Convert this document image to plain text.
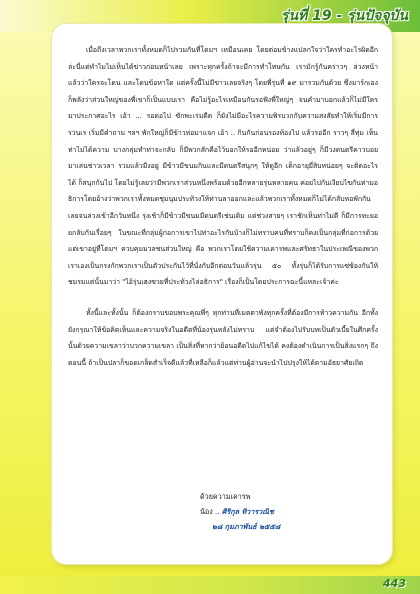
รุ่นที่ 19 - รุ่นปัจจุบัน

เมื่อถึงเวลาพวกเราทั้งหมดก็ไปรวมกันที่โดมฯ เหมือนเคย โดยต่อมข้างแปลกใจว่าใครทำอะไรผิดอีกล่ะนี่แต่ทำไมไม่เห็นได้ข่าวก่อนหน้าเลย เพราะทุกครั้งถ้าจะมีการทำโทษกัน เรามักรู้กันคร่าวๆ ล่วงหน้าแล้วว่าใครจะโดน และโดนข้อหาใด แต่ครั้งนี้ไม่มีข่าวเลยจริงๆ โดยพี่รุ่นที่ ๑๙ มารวมกันด้วย ซึ่งมาร์กเองก็พลังว่าส่วนใหญ่ของพี่เขาก็เป็นแบบเรา คือไม่รู้อะไรเหมือนกันรอฟังพี่ใหญ่ๆ จนคำมาบอกแล้วก็ไม่มีใครมาประกาศอะไร เอ้า ... รอต่อไป ซักพะเร่มดีด ก็ยังไม่มีอะไรความพิรบวกกับความสงสัยทำให้เริ่มมีการรวนเร เริ่มมีคำถาม ฯลฯ พักใหญ่ก็มีข้าวห่อมาแจก เอ้า .. กินกันก่อนรองท้องไป แล้วรออีก ราวๆ สี่ทุ่ม เห็นท่าไม่ได้ความ บางกลุ่มทำท่าจะกลับ ก็มีพวกสักคือไว้บอกให้รออีกหน่อย ว่าแล้วอยู่ๆ ก็มีวงดนตรีคาวบอยมาเล่นช่าวเวลา รวมแล้วมีงอยู่ มีข้าวมีขนมกินและมีดนตรีสนุกๆ ให้ดูอีก เด็กอายุยี่สิบหน่อยๆ จะติดอะไรได้ ก็สนุกกันไป โดยไม่รู้เลยว่ามีพวกเราส่วนหนึ่งพร้อมด้วยอีกหลายรุ่นหลายคน ค่อยไปกันเงียบไขกันท่ามอธิการโดยอ้างว่าพวกเราทั้งหมดชุมนุมประท้วงให้ท่านลาออกและแล้วพวกเราทั้งหมดก็ไม่ได้กลับหอพักกันเลยจนล่วงเข้าอีกวันหนึ่ง รุ่งเช้าก็มีข้าวมีขนมมีดนตรีเช่นเดิม แต่ช่วงสายๆ เราชักเห็นท่าไม่ดี ก็มีการทะยอยกลับกันเรื่อยๆ ในขณะที่กลุ่มผู้ก่อการเขาไปท่าอะไรกันบ้างก็ไม่ทราบคนที่ทราบก็คงเป็นกลุ่มที่ก่อการด้วย แต่เขาอยู่ที่โดมฯ ควบคุมมวลชนส่วนใหญ่ คือ พวกเราโดยใช้ความเคารพและศรัทธาในประเพณีของพวกเราเองเป็นกรงกักพวกเราเป็นตัวประกันไว้ที่นั่งกับอีกต่อนวันแล้วรุ่น ๕๐ ทั้งรุ่นก็ได้รับการแซ่ซ้องกันให้ชมรมแต่นั้นมาว่า "ไอ้รุ่นเฮงซวยที่ประท้วงไล่อธิการ" เรื่องก็เป็นโดยประการฉะนี้แหละเจ้าค่ะ

ทั้งนี้และทั้งนั้น ก็ต้องกราบขอบพระคุณพี่ๆ ทุกท่านที่เมตตาพังทุกครั้งที่ต้องมีการท้าวความกัน อีกทั้งยังกรุณาให้ข้อคิดเห็นและความจริงในอดีตที่น้องรุ่นหลังไม่ทราบ แต่จำต้องไปรับบทเป็นตัวเบี้ยในศึกครั้งนั้นด้วยความเขลาว่าบวกความเขลา เป็นสิ่งที่หากว่าย้อนอดีตไปแก้ไขได้ คงต้องดำเนินการเป็นสิ่งแรกๆ ถึงตอนนี้ ถ้าเป็นปลาก็ขอดเกล็ดสำเร็จดีแล้วที่เหลือก็แล้วแต่ท่านผู้อ่านจะนำไปปรุงให้ได้ตามอัธยาศัยเถิด

ด้วยความเคารพ
น้อง .. ศิริกุล ทิวารวณิช
๒๘ กุมภาพันธ์ ๒๕๕๘
443
